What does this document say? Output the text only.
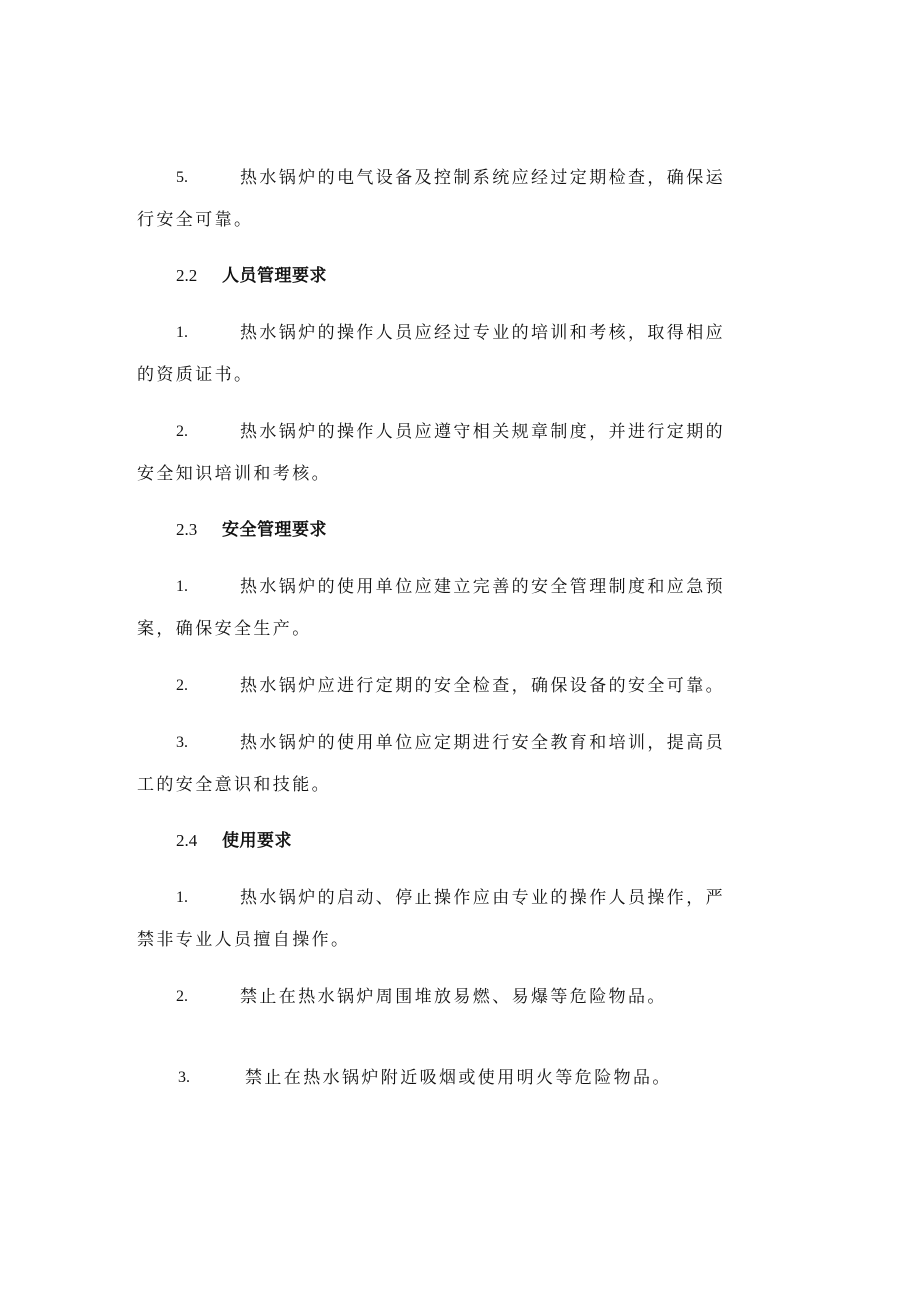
5.	热水锅炉的电气设备及控制系统应经过定期检查，确保运
行安全可靠。
2.2 人员管理要求
1.	热水锅炉的操作人员应经过专业的培训和考核，取得相应
的资质证书。
2.	热水锅炉的操作人员应遵守相关规章制度，并进行定期的
安全知识培训和考核。
2.3 安全管理要求
1.	热水锅炉的使用单位应建立完善的安全管理制度和应急预
案，确保安全生产。
2.	热水锅炉应进行定期的安全检查，确保设备的安全可靠。
3.	热水锅炉的使用单位应定期进行安全教育和培训，提高员
工的安全意识和技能。
2.4 使用要求
1.	热水锅炉的启动、停止操作应由专业的操作人员操作，严
禁非专业人员擅自操作。
2.	禁止在热水锅炉周围堆放易燃、易爆等危险物品。
3.	禁止在热水锅炉附近吸烟或使用明火等危险物品。
